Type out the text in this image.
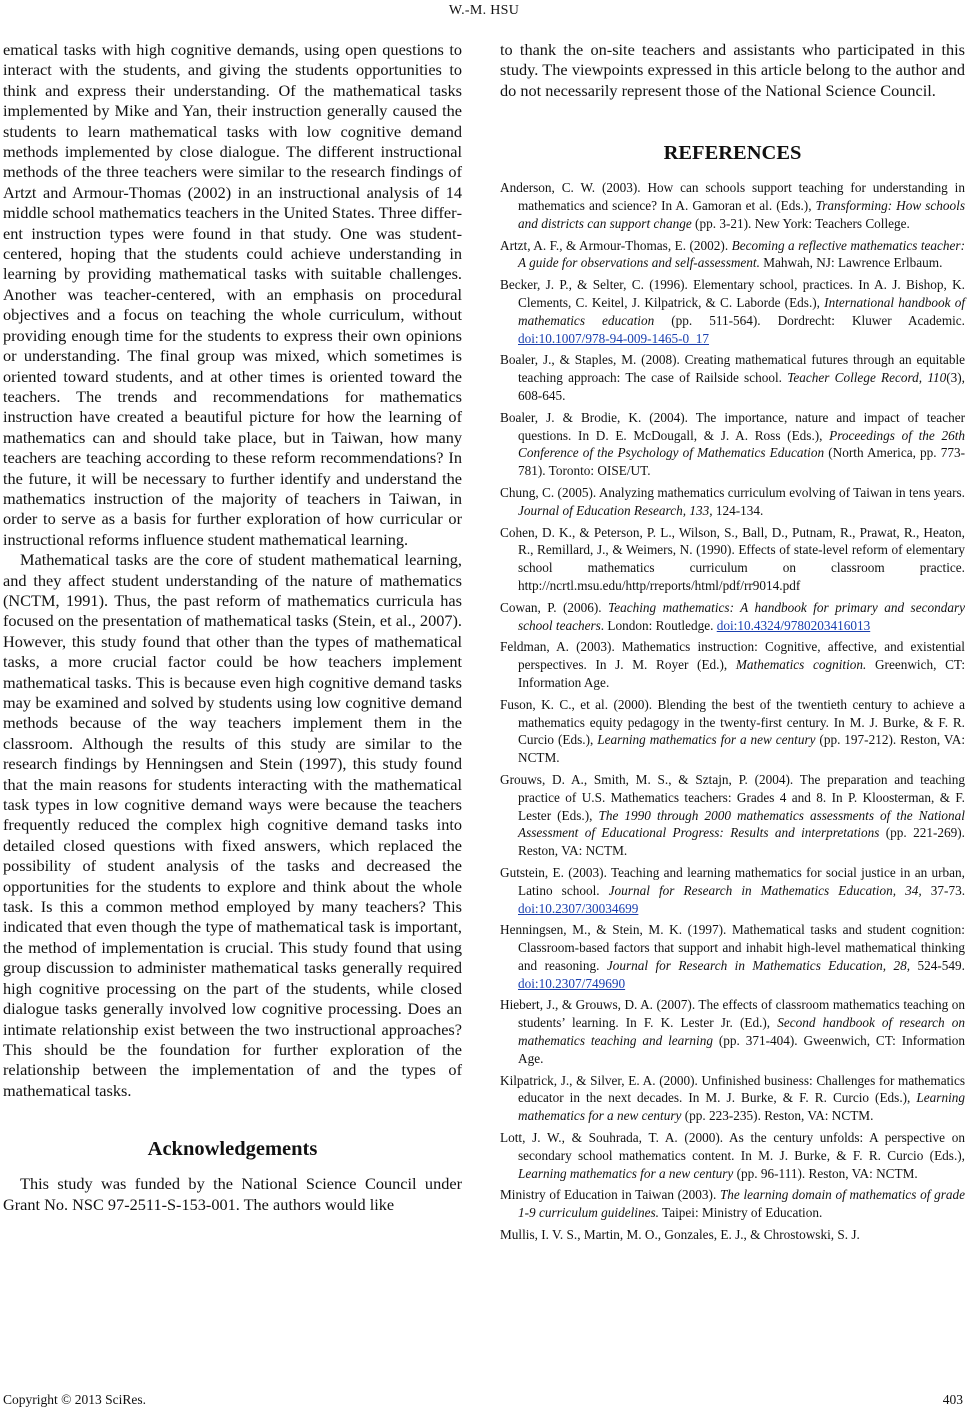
W.-M. HSU

ematical tasks with high cognitive demands, using open questions to interact with the students, and giving the students opportunities to think and express their understanding. Of the mathematical tasks implemented by Mike and Yan, their instruction generally caused the students to learn mathematical tasks with low cognitive demand methods implemented by close dialogue. The different instructional methods of the three teachers were similar to the research findings of Artzt and Armour-Thomas (2002) in an instructional analysis of 14 middle school mathematics teachers in the United States. Three different instruction types were found in that study. One was student-centered, hoping that the students could achieve understanding in learning by providing mathematical tasks with suitable challenges. Another was teacher-centered, with an emphasis on procedural objectives and a focus on teaching the whole curriculum, without providing enough time for the students to express their own opinions or understanding. The final group was mixed, which sometimes is oriented toward students, and at other times is oriented toward the teachers. The trends and recommendations for mathematics instruction have created a beautiful picture for how the learning of mathematics can and should take place, but in Taiwan, how many teachers are teaching according to these reform recommendations? In the future, it will be necessary to further identify and understand the mathematics instruction of the majority of teachers in Taiwan, in order to serve as a basis for further exploration of how curricular or instructional reforms influence student mathematical learning.

Mathematical tasks are the core of student mathematical learning, and they affect student understanding of the nature of mathematics (NCTM, 1991). Thus, the past reform of mathematics curricula has focused on the presentation of mathematical tasks (Stein, et al., 2007). However, this study found that other than the types of mathematical tasks, a more crucial factor could be how teachers implement mathematical tasks. This is because even high cognitive demand tasks may be examined and solved by students using low cognitive demand methods because of the way teachers implement them in the classroom. Although the results of this study are similar to the research findings by Henningsen and Stein (1997), this study found that the main reasons for students interacting with the mathematical task types in low cognitive demand ways were because the teachers frequently reduced the complex high cognitive demand tasks into detailed closed questions with fixed answers, which replaced the possibility of student analysis of the tasks and decreased the opportunities for the students to explore and think about the whole task. Is this a common method employed by many teachers? This indicated that even though the type of mathematical task is important, the method of implementation is crucial. This study found that using group discussion to administer mathematical tasks generally required high cognitive processing on the part of the students, while closed dialogue tasks generally involved low cognitive processing. Does an intimate relationship exist between the two instructional approaches? This should be the foundation for further exploration of the relationship between the implementation of and the types of mathematical tasks.

Acknowledgements

This study was funded by the National Science Council under Grant No. NSC 97-2511-S-153-001. The authors would like

to thank the on-site teachers and assistants who participated in this study. The viewpoints expressed in this article belong to the author and do not necessarily represent those of the National Science Council.

REFERENCES

Anderson, C. W. (2003). How can schools support teaching for understanding in mathematics and science? In A. Gamoran et al. (Eds.), Transforming: How schools and districts can support change (pp. 3-21). New York: Teachers College.

Artzt, A. F., & Armour-Thomas, E. (2002). Becoming a reflective mathematics teacher: A guide for observations and self-assessment. Mahwah, NJ: Lawrence Erlbaum.

Becker, J. P., & Selter, C. (1996). Elementary school, practices. In A. J. Bishop, K. Clements, C. Keitel, J. Kilpatrick, & C. Laborde (Eds.), International handbook of mathematics education (pp. 511-564). Dordrecht: Kluwer Academic. doi:10.1007/978-94-009-1465-0_17

Boaler, J., & Staples, M. (2008). Creating mathematical futures through an equitable teaching approach: The case of Railside school. Teacher College Record, 110(3), 608-645.

Boaler, J. & Brodie, K. (2004). The importance, nature and impact of teacher questions. In D. E. McDougall, & J. A. Ross (Eds.), Proceedings of the 26th Conference of the Psychology of Mathematics Education (North America, pp. 773-781). Toronto: OISE/UT.

Chung, C. (2005). Analyzing mathematics curriculum evolving of Taiwan in tens years. Journal of Education Research, 133, 124-134.

Cohen, D. K., & Peterson, P. L., Wilson, S., Ball, D., Putnam, R., Prawat, R., Heaton, R., Remillard, J., & Weimers, N. (1990). Effects of state-level reform of elementary school mathematics curriculum on classroom practice. http://ncrtl.msu.edu/http/rreports/html/pdf/rr9014.pdf

Cowan, P. (2006). Teaching mathematics: A handbook for primary and secondary school teachers. London: Routledge. doi:10.4324/9780203416013

Feldman, A. (2003). Mathematics instruction: Cognitive, affective, and existential perspectives. In J. M. Royer (Ed.), Mathematics cognition. Greenwich, CT: Information Age.

Fuson, K. C., et al. (2000). Blending the best of the twentieth century to achieve a mathematics equity pedagogy in the twenty-first century. In M. J. Burke, & F. R. Curcio (Eds.), Learning mathematics for a new century (pp. 197-212). Reston, VA: NCTM.

Grouws, D. A., Smith, M. S., & Sztajn, P. (2004). The preparation and teaching practice of U.S. Mathematics teachers: Grades 4 and 8. In P. Kloosterman, & F. Lester (Eds.), The 1990 through 2000 mathematics assessments of the National Assessment of Educational Progress: Results and interpretations (pp. 221-269). Reston, VA: NCTM.

Gutstein, E. (2003). Teaching and learning mathematics for social justice in an urban, Latino school. Journal for Research in Mathematics Education, 34, 37-73. doi:10.2307/30034699

Henningsen, M., & Stein, M. K. (1997). Mathematical tasks and student cognition: Classroom-based factors that support and inhabit high-level mathematical thinking and reasoning. Journal for Research in Mathematics Education, 28, 524-549. doi:10.2307/749690

Hiebert, J., & Grouws, D. A. (2007). The effects of classroom mathematics teaching on students’ learning. In F. K. Lester Jr. (Ed.), Second handbook of research on mathematics teaching and learning (pp. 371-404). Gweenwich, CT: Information Age.

Kilpatrick, J., & Silver, E. A. (2000). Unfinished business: Challenges for mathematics educator in the next decades. In M. J. Burke, & F. R. Curcio (Eds.), Learning mathematics for a new century (pp. 223-235). Reston, VA: NCTM.

Lott, J. W., & Souhrada, T. A. (2000). As the century unfolds: A perspective on secondary school mathematics content. In M. J. Burke, & F. R. Curcio (Eds.), Learning mathematics for a new century (pp. 96-111). Reston, VA: NCTM.

Ministry of Education in Taiwan (2003). The learning domain of mathematics of grade 1-9 curriculum guidelines. Taipei: Ministry of Education.

Mullis, I. V. S., Martin, M. O., Gonzales, E. J., & Chrostowski, S. J.

Copyright © 2013 SciRes.	403
